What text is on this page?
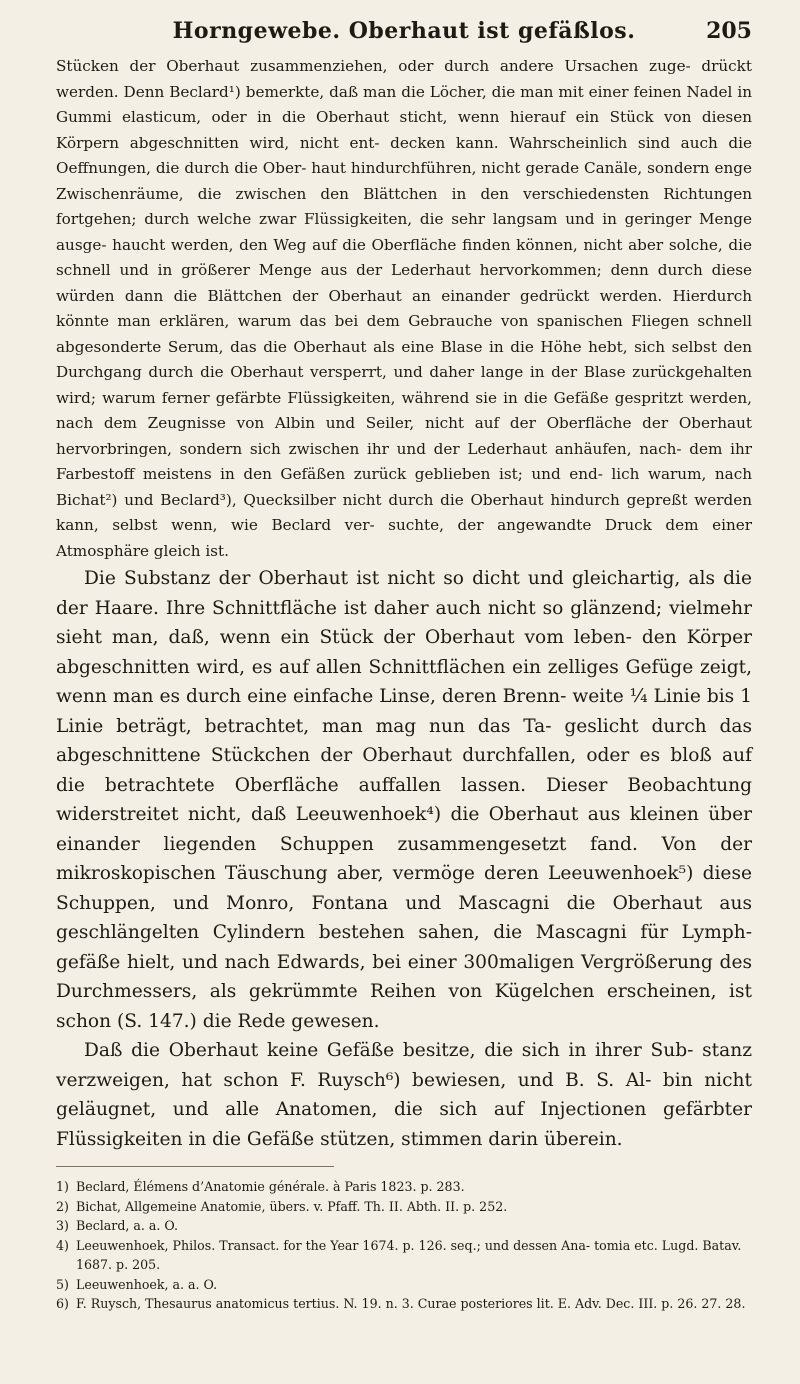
Horngewebe. Oberhaut ist gefäßlos.	205

Stücken der Oberhaut zusammenziehen, oder durch andere Ursachen zuge- drückt werden. Denn Beclard¹) bemerkte, daß man die Löcher, die man mit einer feinen Nadel in Gummi elasticum, oder in die Oberhaut sticht, wenn hierauf ein Stück von diesen Körpern abgeschnitten wird, nicht ent- decken kann. Wahrscheinlich sind auch die Oeffnungen, die durch die Ober- haut hindurchführen, nicht gerade Canäle, sondern enge Zwischenräume, die zwischen den Blättchen in den verschiedensten Richtungen fortgehen; durch welche zwar Flüssigkeiten, die sehr langsam und in geringer Menge ausge- haucht werden, den Weg auf die Oberfläche finden können, nicht aber solche, die schnell und in größerer Menge aus der Lederhaut hervorkommen; denn durch diese würden dann die Blättchen der Oberhaut an einander gedrückt werden. Hierdurch könnte man erklären, warum das bei dem Gebrauche von spanischen Fliegen schnell abgesonderte Serum, das die Oberhaut als eine Blase in die Höhe hebt, sich selbst den Durchgang durch die Oberhaut versperrt, und daher lange in der Blase zurückgehalten wird; warum ferner gefärbte Flüssigkeiten, während sie in die Gefäße gespritzt werden, nach dem Zeugnisse von Albin und Seiler, nicht auf der Oberfläche der Oberhaut hervorbringen, sondern sich zwischen ihr und der Lederhaut anhäufen, nach- dem ihr Farbestoff meistens in den Gefäßen zurück geblieben ist; und end- lich warum, nach Bichat²) und Beclard³), Quecksilber nicht durch die Oberhaut hindurch gepreßt werden kann, selbst wenn, wie Beclard ver- suchte, der angewandte Druck dem einer Atmosphäre gleich ist.

Die Substanz der Oberhaut ist nicht so dicht und gleichartig, als die der Haare. Ihre Schnittfläche ist daher auch nicht so glänzend; vielmehr sieht man, daß, wenn ein Stück der Oberhaut vom leben- den Körper abgeschnitten wird, es auf allen Schnittflächen ein zelliges Gefüge zeigt, wenn man es durch eine einfache Linse, deren Brenn- weite ¼ Linie bis 1 Linie beträgt, betrachtet, man mag nun das Ta- geslicht durch das abgeschnittene Stückchen der Oberhaut durchfallen, oder es bloß auf die betrachtete Oberfläche auffallen lassen. Dieser Beobachtung widerstreitet nicht, daß Leeuwenhoek⁴) die Oberhaut aus kleinen über einander liegenden Schuppen zusammengesetzt fand. Von der mikroskopischen Täuschung aber, vermöge deren Leeuwenhoek⁵) diese Schuppen, und Monro, Fontana und Mascagni die Oberhaut aus geschlängelten Cylindern bestehen sahen, die Mascagni für Lymph- gefäße hielt, und nach Edwards, bei einer 300maligen Vergrößerung des Durchmessers, als gekrümmte Reihen von Kügelchen erscheinen, ist schon (S. 147.) die Rede gewesen.

Daß die Oberhaut keine Gefäße besitze, die sich in ihrer Sub- stanz verzweigen, hat schon F. Ruysch⁶) bewiesen, und B. S. Al- bin nicht geläugnet, und alle Anatomen, die sich auf Injectionen gefärbter Flüssigkeiten in die Gefäße stützen, stimmen darin überein.

1) Beclard, Élémens d’Anatomie générale. à Paris 1823. p. 283.

2) Bichat, Allgemeine Anatomie, übers. v. Pfaff. Th. II. Abth. II. p. 252.

3) Beclard, a. a. O.

4) Leeuwenhoek, Philos. Transact. for the Year 1674. p. 126. seq.; und dessen Ana- tomia etc. Lugd. Batav. 1687. p. 205.

5) Leeuwenhoek, a. a. O.

6) F. Ruysch, Thesaurus anatomicus tertius. N. 19. n. 3. Curae posteriores lit. E. Adv. Dec. III. p. 26. 27. 28.
